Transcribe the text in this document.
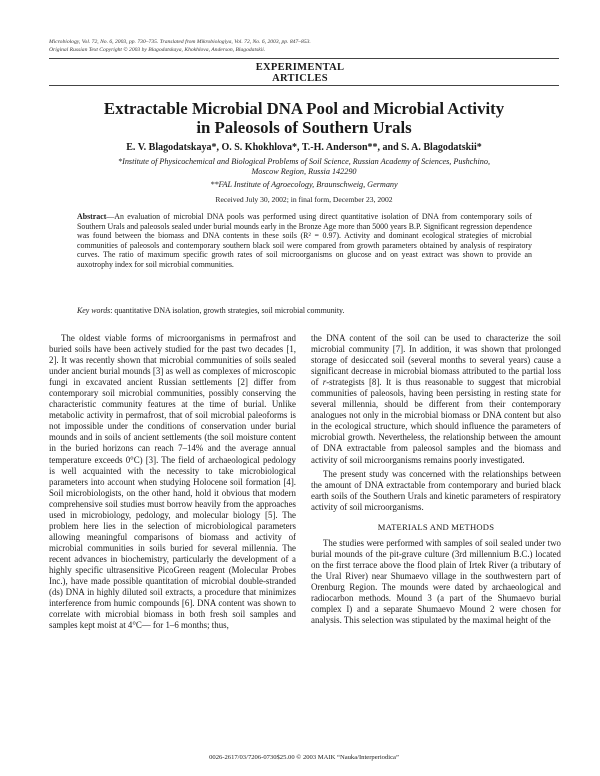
Microbiology, Vol. 72, No. 6, 2003, pp. 730–735. Translated from Mikrobiologiya, Vol. 72, No. 6, 2003, pp. 847–853.
Original Russian Text Copyright © 2003 by Blagodatskaya, Khokhlova, Anderson, Blagodatskii.
EXPERIMENTAL
ARTICLES
Extractable Microbial DNA Pool and Microbial Activity
in Paleosols of Southern Urals
E. V. Blagodatskaya*, O. S. Khokhlova*, T.-H. Anderson**, and S. A. Blagodatskii*
*Institute of Physicochemical and Biological Problems of Soil Science, Russian Academy of Sciences, Pushchino,
Moscow Region, Russia 142290
**FAL Institute of Agroecology, Braunschweig, Germany
Received July 30, 2002; in final form, December 23, 2002
Abstract—An evaluation of microbial DNA pools was performed using direct quantitative isolation of DNA from contemporary soils of Southern Urals and paleosols sealed under burial mounds early in the Bronze Age more than 5000 years B.P. Significant regression dependence was found between the biomass and DNA contents in these soils (R² = 0.97). Activity and dominant ecological strategies of microbial communities of paleosols and contemporary southern black soil were compared from growth parameters obtained by analysis of respiratory curves. The ratio of maximum specific growth rates of soil microorganisms on glucose and on yeast extract was shown to provide an auxotrophy index for soil microbial communities.
Key words: quantitative DNA isolation, growth strategies, soil microbial community.

The oldest viable forms of microorganisms in permafrost and buried soils have been actively studied for the past two decades [1, 2]. It was recently shown that microbial communities of soils sealed under ancient burial mounds [3] as well as complexes of microscopic fungi in excavated ancient Russian settlements [2] differ from contemporary soil microbial communities, possibly conserving the characteristic community features at the time of burial. Unlike metabolic activity in permafrost, that of soil microbial paleoforms is not impossible under the conditions of conservation under burial mounds and in soils of ancient settlements (the soil moisture content in the buried horizons can reach 7–14% and the average annual temperature exceeds 0°C) [3]. The field of archaeological pedology is well acquainted with the necessity to take microbiological parameters into account when studying Holocene soil formation [4]. Soil microbiologists, on the other hand, hold it obvious that modern comprehensive soil studies must borrow heavily from the approaches used in microbiology, pedology, and molecular biology [5]. The problem here lies in the selection of microbiological parameters allowing meaningful comparisons of biomass and activity of microbial communities in soils buried for several millennia. The recent advances in biochemistry, particularly the development of a highly specific ultrasensitive PicoGreen reagent (Molecular Probes Inc.), have made possible quantitation of microbial double-stranded (ds) DNA in highly diluted soil extracts, a procedure that minimizes interference from humic compounds [6]. DNA content was shown to correlate with microbial biomass in both fresh soil samples and samples kept moist at 4°C— for 1–6 months; thus,

the DNA content of the soil can be used to characterize the soil microbial community [7]. In addition, it was shown that prolonged storage of desiccated soil (several months to several years) cause a significant decrease in microbial biomass attributed to the partial loss of r-strategists [8]. It is thus reasonable to suggest that microbial communities of paleosols, having been persisting in resting state for several millennia, should be different from their contemporary analogues not only in the microbial biomass or DNA content but also in the ecological structure, which should influence the parameters of microbial growth. Nevertheless, the relationship between the amount of DNA extractable from paleosol samples and the biomass and activity of soil microorganisms remains poorly investigated.

The present study was concerned with the relationships between the amount of DNA extractable from contemporary and buried black earth soils of the Southern Urals and kinetic parameters of respiratory activity of soil microorganisms.

MATERIALS AND METHODS

The studies were performed with samples of soil sealed under two burial mounds of the pit-grave culture (3rd millennium B.C.) located on the first terrace above the flood plain of Irtek River (a tributary of the Ural River) near Shumaevo village in the southwestern part of Orenburg Region. The mounds were dated by archaeological and radiocarbon methods. Mound 3 (a part of the Shumaevo burial complex I) and a separate Shumaevo Mound 2 were chosen for analysis. This selection was stipulated by the maximal height of the

0026-2617/03/7206-0730$25.00 © 2003 MAIK “Nauka/Interperiodica”
